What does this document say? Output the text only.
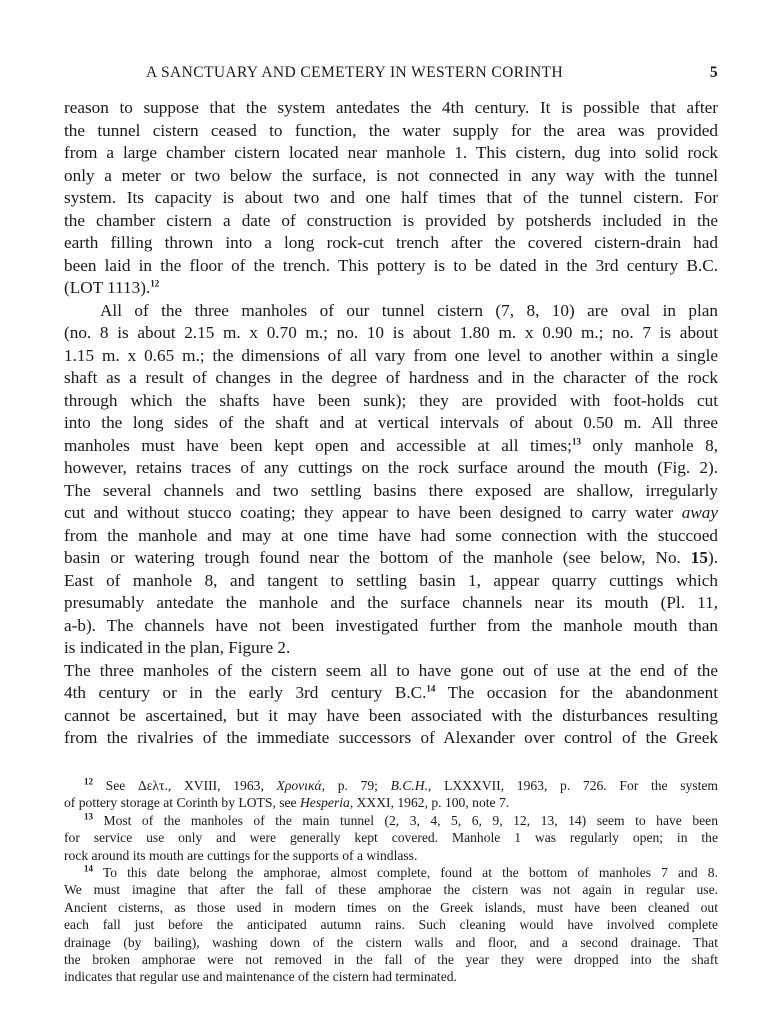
A SANCTUARY AND CEMETERY IN WESTERN CORINTH	5
reason to suppose that the system antedates the 4th century. It is possible that after
the tunnel cistern ceased to function, the water supply for the area was provided
from a large chamber cistern located near manhole 1. This cistern, dug into solid rock
only a meter or two below the surface, is not connected in any way with the tunnel
system. Its capacity is about two and one half times that of the tunnel cistern. For
the chamber cistern a date of construction is provided by potsherds included in the
earth filling thrown into a long rock-cut trench after the covered cistern-drain had
been laid in the floor of the trench. This pottery is to be dated in the 3rd century B.C.
(LOT 1113).$^{12}$
All of the three manholes of our tunnel cistern (7, 8, 10) are oval in plan
(no. 8 is about 2.15 m. x 0.70 m.; no. 10 is about 1.80 m. x 0.90 m.; no. 7 is about
1.15 m. x 0.65 m.; the dimensions of all vary from one level to another within a single
shaft as a result of changes in the degree of hardness and in the character of the rock
through which the shafts have been sunk); they are provided with foot-holds cut
into the long sides of the shaft and at vertical intervals of about 0.50 m. All three
manholes must have been kept open and accessible at all times;$^{13}$ only manhole 8,
however, retains traces of any cuttings on the rock surface around the mouth (Fig. 2).
The several channels and two settling basins there exposed are shallow, irregularly
cut and without stucco coating; they appear to have been designed to carry water away
from the manhole and may at one time have had some connection with the stuccoed
basin or watering trough found near the bottom of the manhole (see below, No. 15).
East of manhole 8, and tangent to settling basin 1, appear quarry cuttings which
presumably antedate the manhole and the surface channels near its mouth (Pl. 11,
a-b). The channels have not been investigated further from the manhole mouth than
is indicated in the plan, Figure 2.
The three manholes of the cistern seem all to have gone out of use at the end of the
4th century or in the early 3rd century B.C.$^{14}$ The occasion for the abandonment
cannot be ascertained, but it may have been associated with the disturbances resulting
from the rivalries of the immediate successors of Alexander over control of the Greek
$^{12}$ See Δελτ., XVIII, 1963, Χρονικά, p. 79; B.C.H., LXXXVII, 1963, p. 726. For the system
of pottery storage at Corinth by LOTS, see Hesperia, XXXI, 1962, p. 100, note 7.
$^{13}$ Most of the manholes of the main tunnel (2, 3, 4, 5, 6, 9, 12, 13, 14) seem to have been
for service use only and were generally kept covered. Manhole 1 was regularly open; in the
rock around its mouth are cuttings for the supports of a windlass.
$^{14}$ To this date belong the amphorae, almost complete, found at the bottom of manholes 7 and 8.
We must imagine that after the fall of these amphorae the cistern was not again in regular use.
Ancient cisterns, as those used in modern times on the Greek islands, must have been cleaned out
each fall just before the anticipated autumn rains. Such cleaning would have involved complete
drainage (by bailing), washing down of the cistern walls and floor, and a second drainage. That
the broken amphorae were not removed in the fall of the year they were dropped into the shaft
indicates that regular use and maintenance of the cistern had terminated.
